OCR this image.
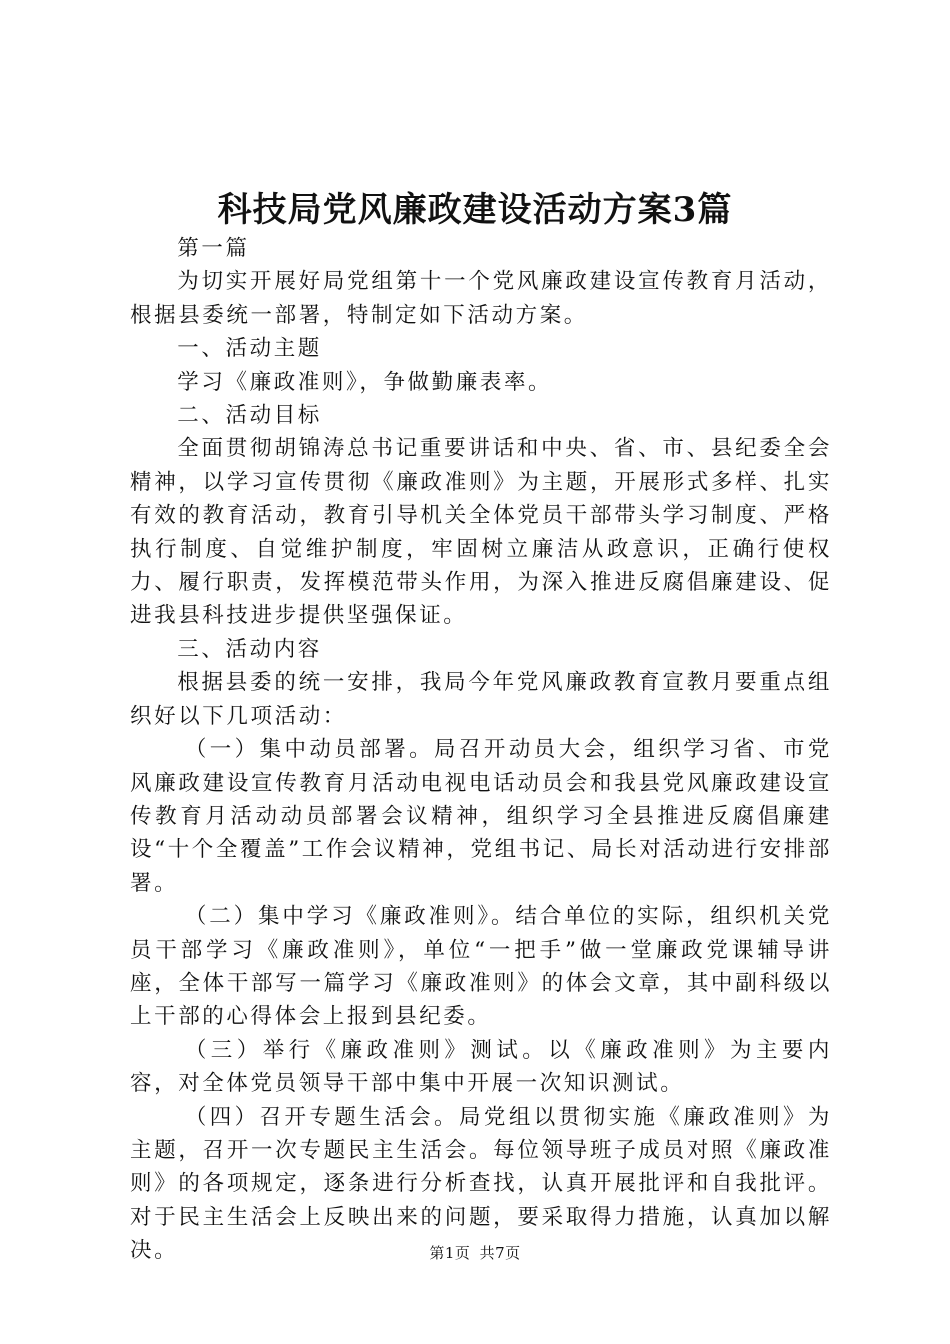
科技局党风廉政建设活动方案3篇

第一篇

为切实开展好局党组第十一个党风廉政建设宣传教育月活动，根据县委统一部署，特制定如下活动方案。

一、活动主题

学习《廉政准则》，争做勤廉表率。

二、活动目标

全面贯彻胡锦涛总书记重要讲话和中央、省、市、县纪委全会精神，以学习宣传贯彻《廉政准则》为主题，开展形式多样、扎实有效的教育活动，教育引导机关全体党员干部带头学习制度、严格执行制度、自觉维护制度，牢固树立廉洁从政意识，正确行使权力、履行职责，发挥模范带头作用，为深入推进反腐倡廉建设、促进我县科技进步提供坚强保证。

三、活动内容

根据县委的统一安排，我局今年党风廉政教育宣教月要重点组织好以下几项活动：

（一）集中动员部署。局召开动员大会，组织学习省、市党风廉政建设宣传教育月活动电视电话动员会和我县党风廉政建设宣传教育月活动动员部署会议精神，组织学习全县推进反腐倡廉建设“十个全覆盖”工作会议精神，党组书记、局长对活动进行安排部署。

（二）集中学习《廉政准则》。结合单位的实际，组织机关党员干部学习《廉政准则》，单位“一把手”做一堂廉政党课辅导讲座，全体干部写一篇学习《廉政准则》的体会文章，其中副科级以上干部的心得体会上报到县纪委。

（三）举行《廉政准则》测试。以《廉政准则》为主要内容，对全体党员领导干部中集中开展一次知识测试。

（四）召开专题生活会。局党组以贯彻实施《廉政准则》为主题，召开一次专题民主生活会。每位领导班子成员对照《廉政准则》的各项规定，逐条进行分析查找，认真开展批评和自我批评。对于民主生活会上反映出来的问题，要采取得力措施，认真加以解决。	第1页 共7页
